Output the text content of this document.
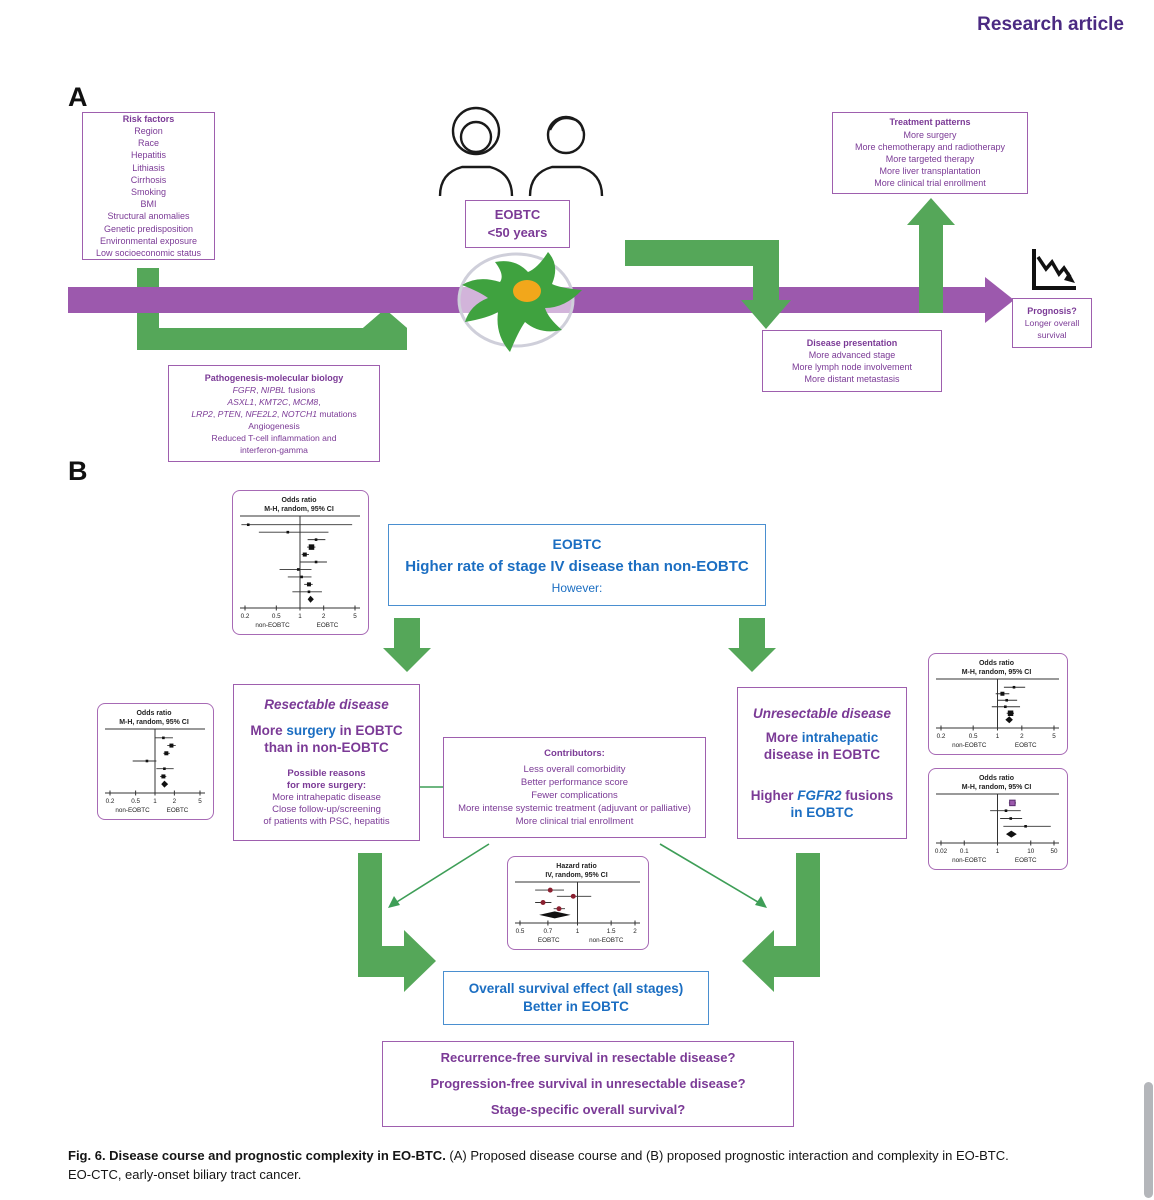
Research article
A
Risk factors
Region
Race
Hepatitis
Lithiasis
Cirrhosis
Smoking
BMI
Structural anomalies
Genetic predisposition
Environmental exposure
Low socioeconomic status
EOBTC
<50 years
Treatment patterns
More surgery
More chemotherapy and radiotherapy
More targeted therapy
More liver transplantation
More clinical trial enrollment
Pathogenesis-molecular biology
FGFR, NIPBL fusions
ASXL1, KMT2C, MCM8,
LRP2, PTEN, NFE2L2, NOTCH1 mutations
Angiogenesis
Reduced T-cell inflammation and
interferon-gamma
Disease presentation
More advanced stage
More lymph node involvement
More distant metastasis
Prognosis?
Longer overall survival
B
Odds ratio
M-H, random, 95% CI
0.2	0.5	1	2	5
non-EOBTC	EOBTC
EOBTC
Higher rate of stage IV disease than non-EOBTC
However:
Resectable disease
More surgery in EOBTC
than in non-EOBTC
Possible reasons
for more surgery:
More intrahepatic disease
Close follow-up/screening
of patients with PSC, hepatitis
Unresectable disease
More intrahepatic
disease in EOBTC
Higher FGFR2 fusions
in EOBTC
Odds ratio
M-H, random, 95% CI
0.2	0.5 1	2	5
non-EOBTC	EOBTC
Contributors:
Less overall comorbidity
Better performance score
Fewer complications
More intense systemic treatment (adjuvant or palliative)
More clinical trial enrollment
Odds ratio
M-H, random, 95% CI
0.2	0.5	1	2	5
non-EOBTC	EOBTC
Odds ratio
M-H, random, 95% CI
0.02 0.1	1	10	50
non-EOBTC	EOBTC
Hazard ratio
IV, random, 95% CI
0.5	0.7	1	1.5	2
EOBTC	non-EOBTC
Overall survival effect (all stages)
Better in EOBTC
Recurrence-free survival in resectable disease?
Progression-free survival in unresectable disease?
Stage-specific overall survival?
Fig. 6. Disease course and prognostic complexity in EO-BTC. (A) Proposed disease course and (B) proposed prognostic interaction and complexity in EO-BTC.
EO-CTC, early-onset biliary tract cancer.
